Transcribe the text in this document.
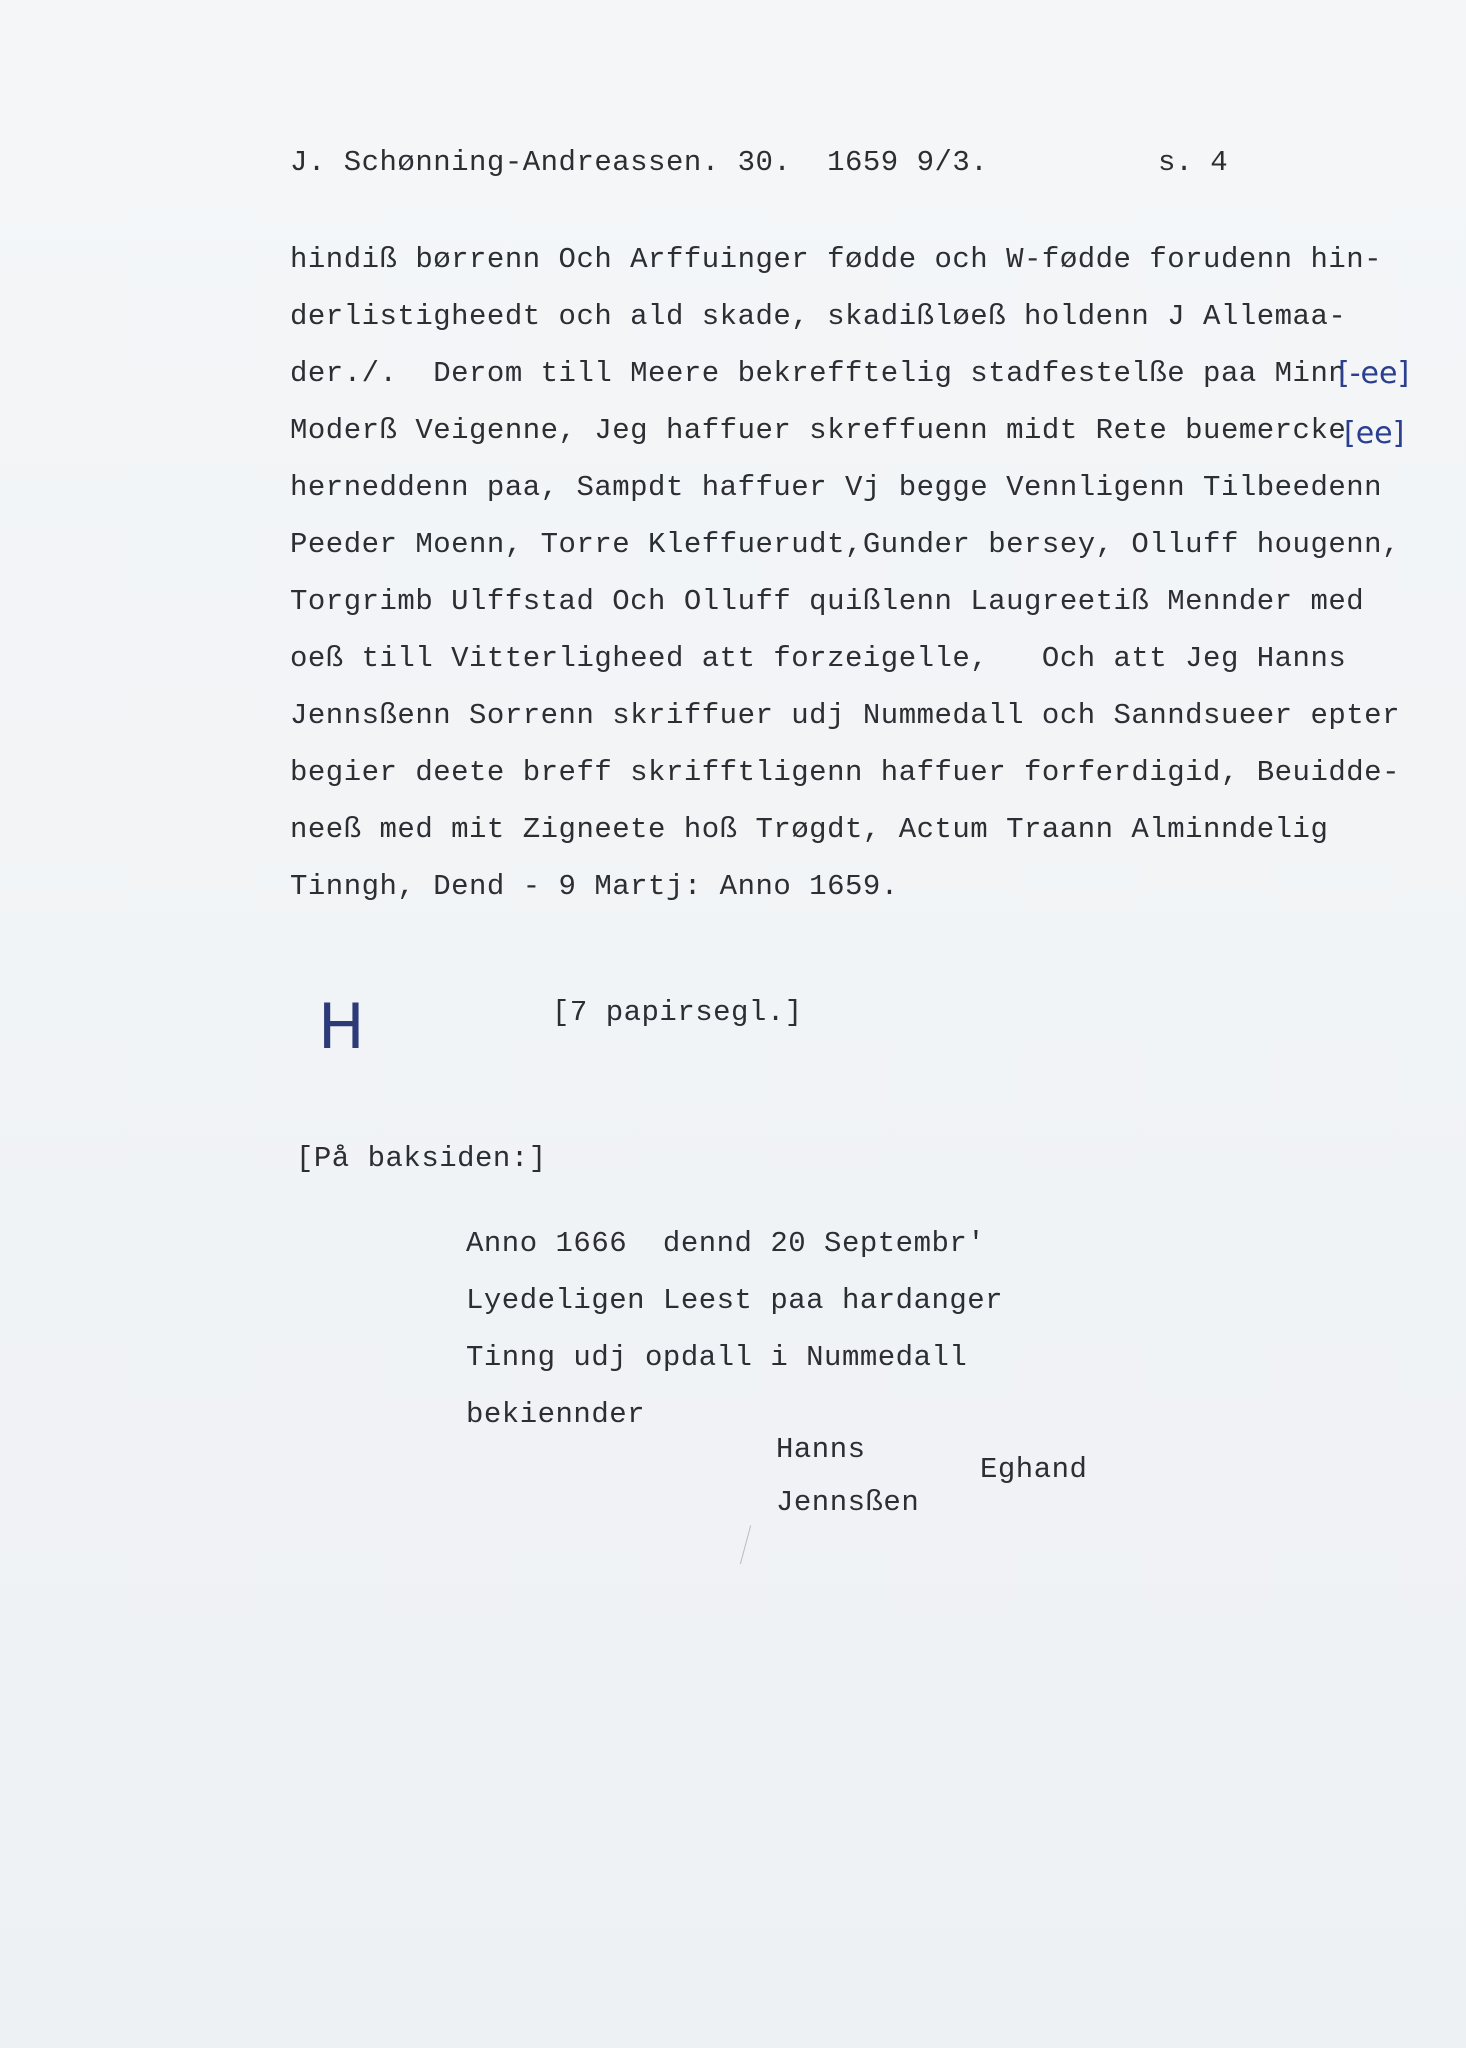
J. Schønning-Andreassen. 30.  1659 9/3.	s. 4
hindiß børrenn Och Arffuinger fødde och W-fødde forudenn hin-
derlistigheedt och ald skade, skadißløeß holdenn J Allemaa-
der./.  Derom till Meere bekrefftelig stadfestelße paa Minn
Moderß Veigenne, Jeg haffuer skreffuenn midt Rete buemercke
herneddenn paa, Sampdt haffuer Vj begge Vennligenn Tilbeedenn
Peeder Moenn, Torre Kleffuerudt,Gunder bersey, Olluff hougenn,
Torgrimb Ulffstad Och Olluff quißlenn Laugreetiß Mennder med
oeß till Vitterligheed att forzeigelle,   Och att Jeg Hanns
Jennsßenn Sorrenn skriffuer udj Nummedall och Sanndsueer epter
begier deete breff skrifftligenn haffuer forferdigid, Beuidde-
neeß med mit Zigneete hoß Trøgdt, Actum Traann Alminndelig
Tinngh, Dend - 9 Martj: Anno 1659.
[-ee]
[ee]
H	[7 papirsegl.]
[På baksiden:]
Anno 1666  dennd 20 Septembr'
Lyedeligen Leest paa hardanger
Tinng udj opdall i Nummedall
bekiennder
Hanns
Jennsßen
Eghand
